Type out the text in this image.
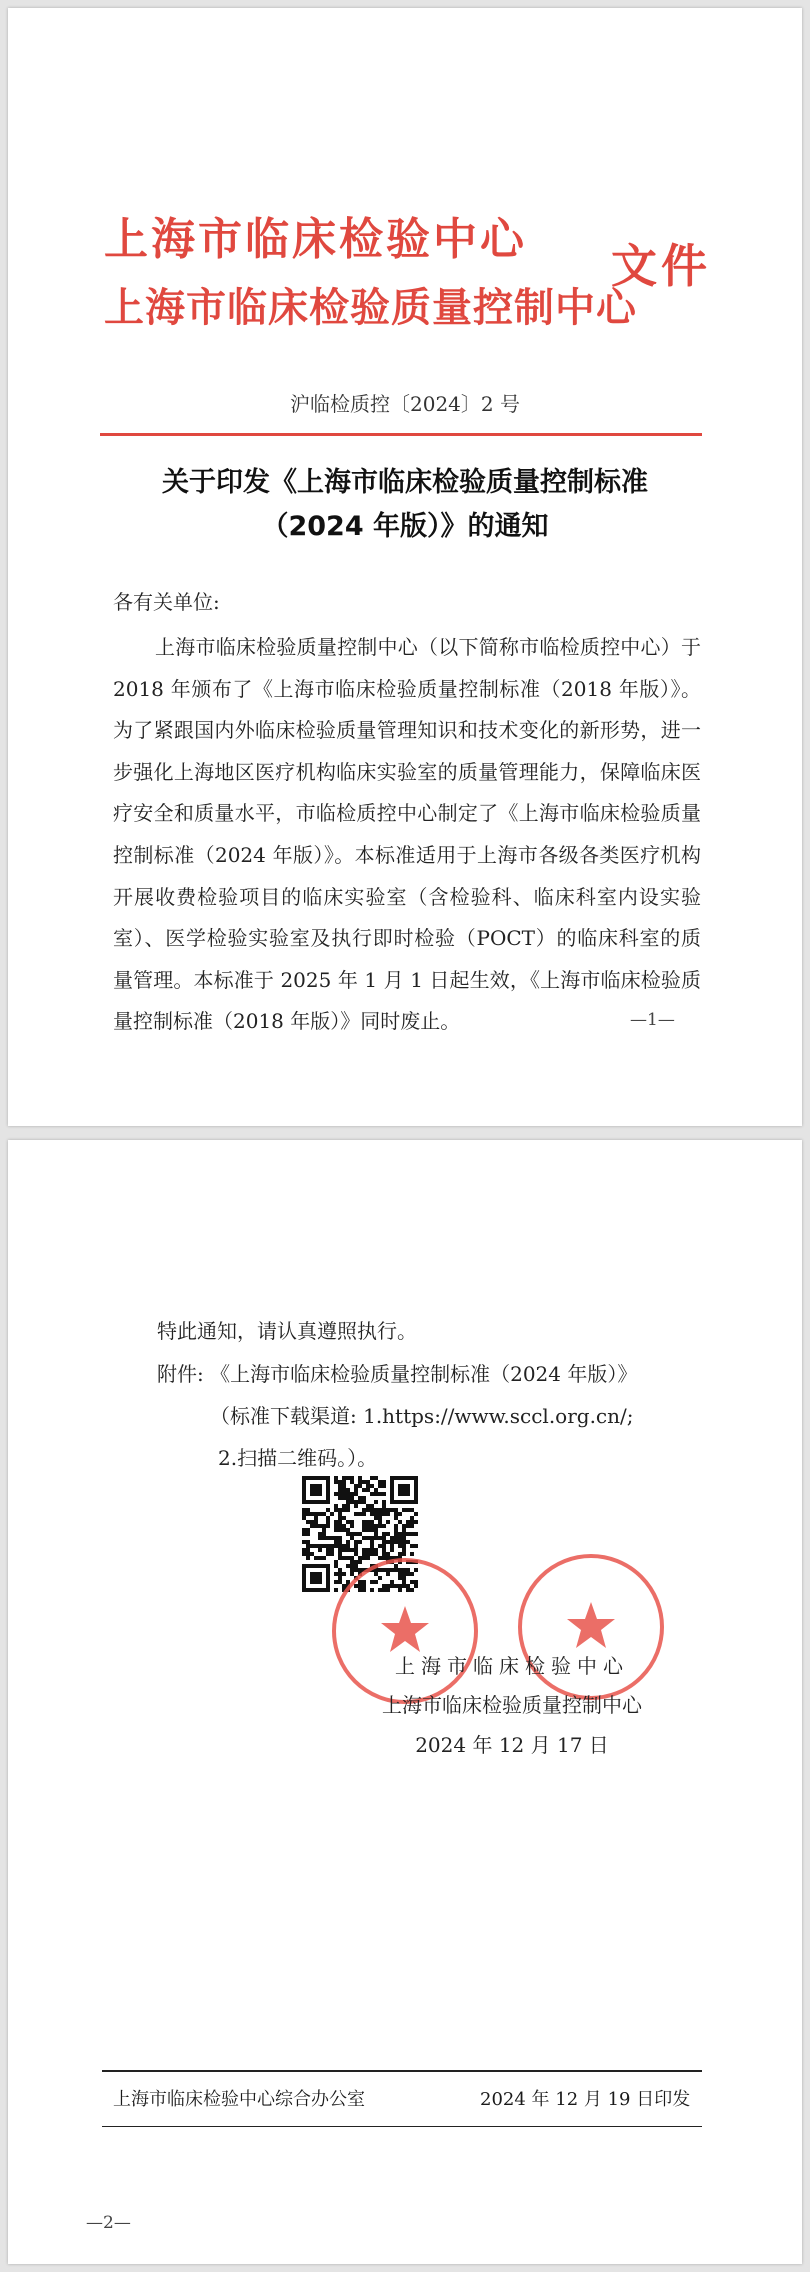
上海市临床检验中心
上海市临床检验质量控制中心
文件
沪临检质控〔2024〕2 号
关于印发《上海市临床检验质量控制标准
（2024 年版）》的通知
各有关单位:

上海市临床检验质量控制中心（以下简称市临检质控中心）于 2018 年颁布了《上海市临床检验质量控制标准（2018 年版）》。为了紧跟国内外临床检验质量管理知识和技术变化的新形势，进一步强化上海地区医疗机构临床实验室的质量管理能力，保障临床医疗安全和质量水平，市临检质控中心制定了《上海市临床检验质量控制标准（2024 年版）》。本标准适用于上海市各级各类医疗机构开展收费检验项目的临床实验室（含检验科、临床科室内设实验室）、医学检验实验室及执行即时检验（POCT）的临床科室的质量管理。本标准于 2025 年 1 月 1 日起生效，《上海市临床检验质量控制标准（2018 年版）》同时废止。	—1—
特此通知，请认真遵照执行。
附件: 《上海市临床检验质量控制标准（2024 年版）》
（标准下载渠道: 1.https://www.sccl.org.cn/;
2.扫描二维码。）。
上海市临床检验中心
上海市临床检验质量控制中心
2024 年 12 月 17 日
上海市临床检验中心综合办公室	2024 年 12 月 19 日印发
—2—
